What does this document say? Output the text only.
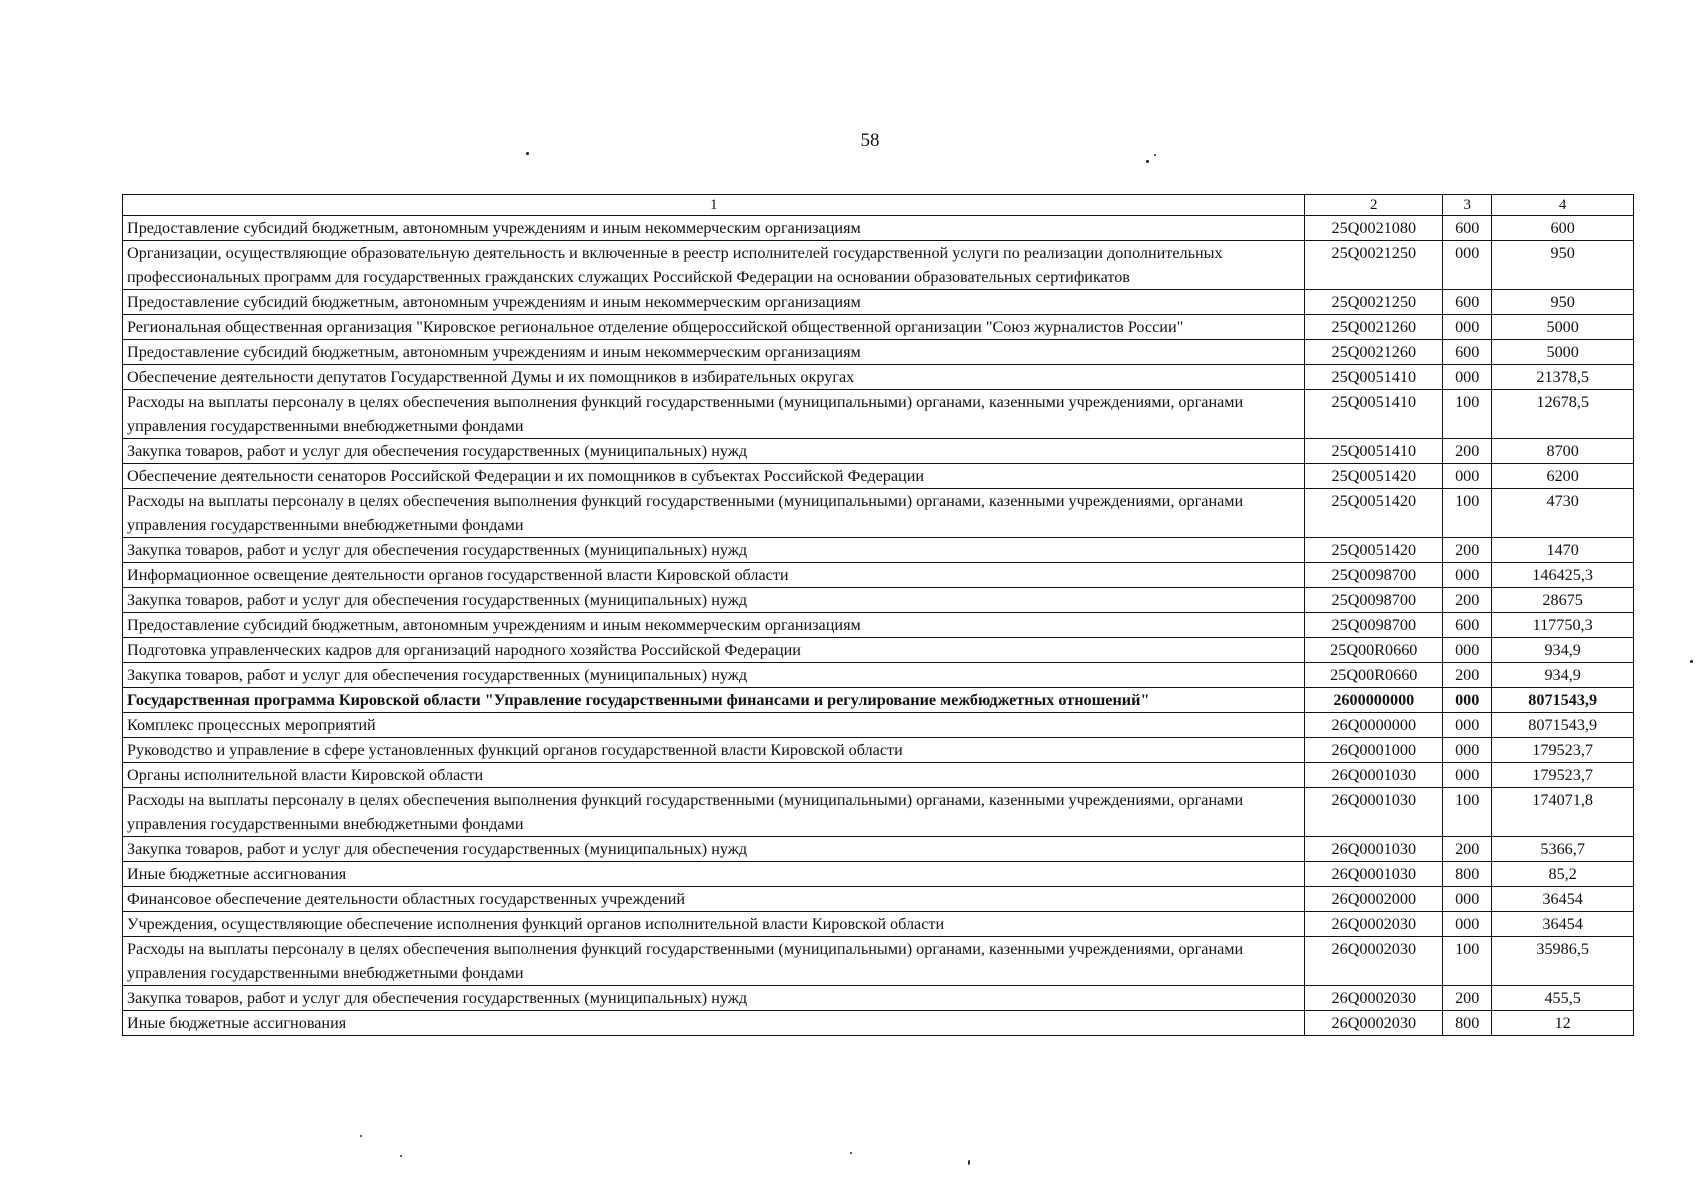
58
1	2	3	4
Предоставление субсидий бюджетным, автономным учреждениям и иным некоммерческим организациям	25Q0021080	600	600
Организации, осуществляющие образовательную деятельность и включенные в реестр исполнителей государственной услуги по реализации дополнительных профессиональных программ для государственных гражданских служащих Российской Федерации на основании образовательных сертификатов	25Q0021250	000	950
Предоставление субсидий бюджетным, автономным учреждениям и иным некоммерческим организациям	25Q0021250	600	950
Региональная общественная организация "Кировское региональное отделение общероссийской общественной организации "Союз журналистов России"	25Q0021260	000	5000
Предоставление субсидий бюджетным, автономным учреждениям и иным некоммерческим организациям	25Q0021260	600	5000
Обеспечение деятельности депутатов Государственной Думы и их помощников в избирательных округах	25Q0051410	000	21378,5
Расходы на выплаты персоналу в целях обеспечения выполнения функций государственными (муниципальными) органами, казенными учреждениями, органами управления государственными внебюджетными фондами	25Q0051410	100	12678,5
Закупка товаров, работ и услуг для обеспечения государственных (муниципальных) нужд	25Q0051410	200	8700
Обеспечение деятельности сенаторов Российской Федерации и их помощников в субъектах Российской Федерации	25Q0051420	000	6200
Расходы на выплаты персоналу в целях обеспечения выполнения функций государственными (муниципальными) органами, казенными учреждениями, органами управления государственными внебюджетными фондами	25Q0051420	100	4730
Закупка товаров, работ и услуг для обеспечения государственных (муниципальных) нужд	25Q0051420	200	1470
Информационное освещение деятельности органов государственной власти Кировской области	25Q0098700	000	146425,3
Закупка товаров, работ и услуг для обеспечения государственных (муниципальных) нужд	25Q0098700	200	28675
Предоставление субсидий бюджетным, автономным учреждениям и иным некоммерческим организациям	25Q0098700	600	117750,3
Подготовка управленческих кадров для организаций народного хозяйства Российской Федерации	25Q00R0660	000	934,9
Закупка товаров, работ и услуг для обеспечения государственных (муниципальных) нужд	25Q00R0660	200	934,9
Государственная программа Кировской области "Управление государственными финансами и регулирование межбюджетных отношений"	2600000000	000	8071543,9
Комплекс процессных мероприятий	26Q0000000	000	8071543,9
Руководство и управление в сфере установленных функций органов государственной власти Кировской области	26Q0001000	000	179523,7
Органы исполнительной власти Кировской области	26Q0001030	000	179523,7
Расходы на выплаты персоналу в целях обеспечения выполнения функций государственными (муниципальными) органами, казенными учреждениями, органами управления государственными внебюджетными фондами	26Q0001030	100	174071,8
Закупка товаров, работ и услуг для обеспечения государственных (муниципальных) нужд	26Q0001030	200	5366,7
Иные бюджетные ассигнования	26Q0001030	800	85,2
Финансовое обеспечение деятельности областных государственных учреждений	26Q0002000	000	36454
Учреждения, осуществляющие обеспечение исполнения функций органов исполнительной власти Кировской области	26Q0002030	000	36454
Расходы на выплаты персоналу в целях обеспечения выполнения функций государственными (муниципальными) органами, казенными учреждениями, органами управления государственными внебюджетными фондами	26Q0002030	100	35986,5
Закупка товаров, работ и услуг для обеспечения государственных (муниципальных) нужд	26Q0002030	200	455,5
Иные бюджетные ассигнования	26Q0002030	800	12
